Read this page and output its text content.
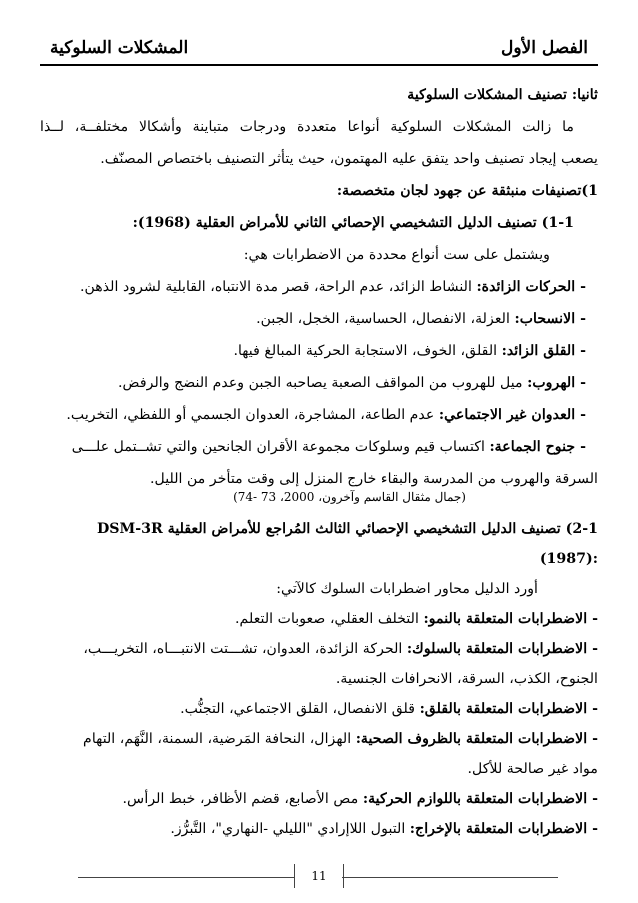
المشكلات السلوكية	الفصل الأول
ثانيا: تصنيف المشكلات السلوكية
ما زالت المشكلات السلوكية أنواعا متعددة ودرجات متباينة وأشكالا مختلفــة، لــذا
يصعب إيجاد تصنيف واحد يتفق عليه المهتمون، حيث يتأثر التصنيف باختصاص المصنّف.
1)تصنيفات منبثقة عن جهود لجان متخصصة:
1-1) تصنيف الدليل التشخيصي الإحصائي الثاني للأمراض العقلية (1968):
ويشتمل على ست أنواع محددة من الاضطرابات هي:
- الحركات الزائدة: النشاط الزائد، عدم الراحة، قصر مدة الانتباه، القابلية لشرود الذهن.
- الانسحاب: العزلة، الانفصال، الحساسية، الخجل، الجبن.
- القلق الزائد: القلق، الخوف، الاستجابة الحركية المبالغ فيها.
- الهروب: ميل للهروب من المواقف الصعبة يصاحبه الجبن وعدم النضج والرفض.
- العدوان غير الاجتماعي: عدم الطاعة، المشاجرة، العدوان الجسمي أو اللفظي، التخريب.
- جنوح الجماعة: اكتساب قيم وسلوكات مجموعة الأقران الجانحين والتي تشــتمل علـــى
السرقة والهروب من المدرسة والبقاء خارج المنزل إلى وقت متأخر من الليل.
(جمال مثقال القاسم وآخرون، 2000، 73 -74)
2-1) تصنيف الدليل التشخيصي الإحصائي الثالث المُراجع للأمراض العقلية DSM-3R
:(1987)
أورد الدليل محاور اضطرابات السلوك كالآتي:
- الاضطرابات المتعلقة بالنمو: التخلف العقلي، صعوبات التعلم.
- الاضطرابات المتعلقة بالسلوك: الحركة الزائدة، العدوان، تشـــتت الانتبـــاه، التخريـــب،
الجنوح، الكذب، السرقة، الانحرافات الجنسية.
- الاضطرابات المتعلقة بالقلق: قلق الانفصال، القلق الاجتماعي، التجنُّب.
- الاضطرابات المتعلقة بالظروف الصحية: الهزال، النحافة المَرضية، السمنة، النَّهَم، التهام
مواد غير صالحة للأكل.
- الاضطرابات المتعلقة باللوازم الحركية: مص الأصابع، قضم الأظافر، خبط الرأس.
- الاضطرابات المتعلقة بالإخراج: التبول اللاإرادي "الليلي -النهاري"، التَّبرُّز.
11
